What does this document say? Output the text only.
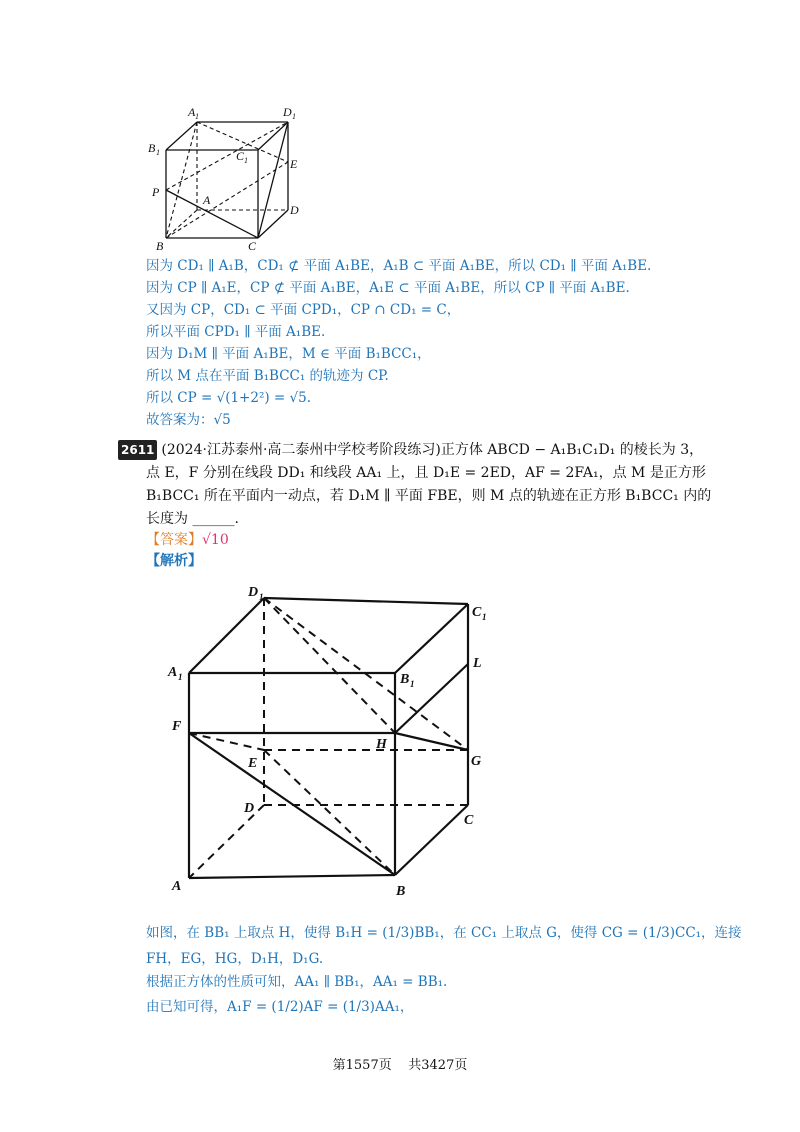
A 1	D 1
B 1	C 1	E
P
A
D
B	C
因为 CD₁ ∥ A₁B，CD₁ ⊄ 平面 A₁BE，A₁B ⊂ 平面 A₁BE，所以 CD₁ ∥ 平面 A₁BE.
因为 CP ∥ A₁E，CP ⊄ 平面 A₁BE，A₁E ⊂ 平面 A₁BE，所以 CP ∥ 平面 A₁BE.
又因为 CP，CD₁ ⊂ 平面 CPD₁，CP ∩ CD₁ = C，
所以平面 CPD₁ ∥ 平面 A₁BE.
因为 D₁M ∥ 平面 A₁BE，M ∈ 平面 B₁BCC₁，
所以 M 点在平面 B₁BCC₁ 的轨迹为 CP.
所以 CP = √(1+2²) = √5.
故答案为：√5
2611 (2024·江苏泰州·高二泰州中学校考阶段练习)正方体 ABCD − A₁B₁C₁D₁ 的棱长为 3，
点 E，F 分别在线段 DD₁ 和线段 AA₁ 上，且 D₁E = 2ED，AF = 2FA₁，点 M 是正方形
B₁BCC₁ 所在平面内一动点，若 D₁M ∥ 平面 FBE，则 M 点的轨迹在正方形 B₁BCC₁ 内的
长度为 ______.
【答案】√10
【解析】
D 1
C 1
L
A 1	B 1
F
H
E	G
D
C
A	B
如图，在 BB₁ 上取点 H，使得 B₁H = (1/3)BB₁，在 CC₁ 上取点 G，使得 CG = (1/3)CC₁，连接
FH，EG，HG，D₁H，D₁G.
根据正方体的性质可知，AA₁ ∥ BB₁，AA₁ = BB₁.
由已知可得，A₁F = (1/2)AF = (1/3)AA₁，
第1557页 共3427页
